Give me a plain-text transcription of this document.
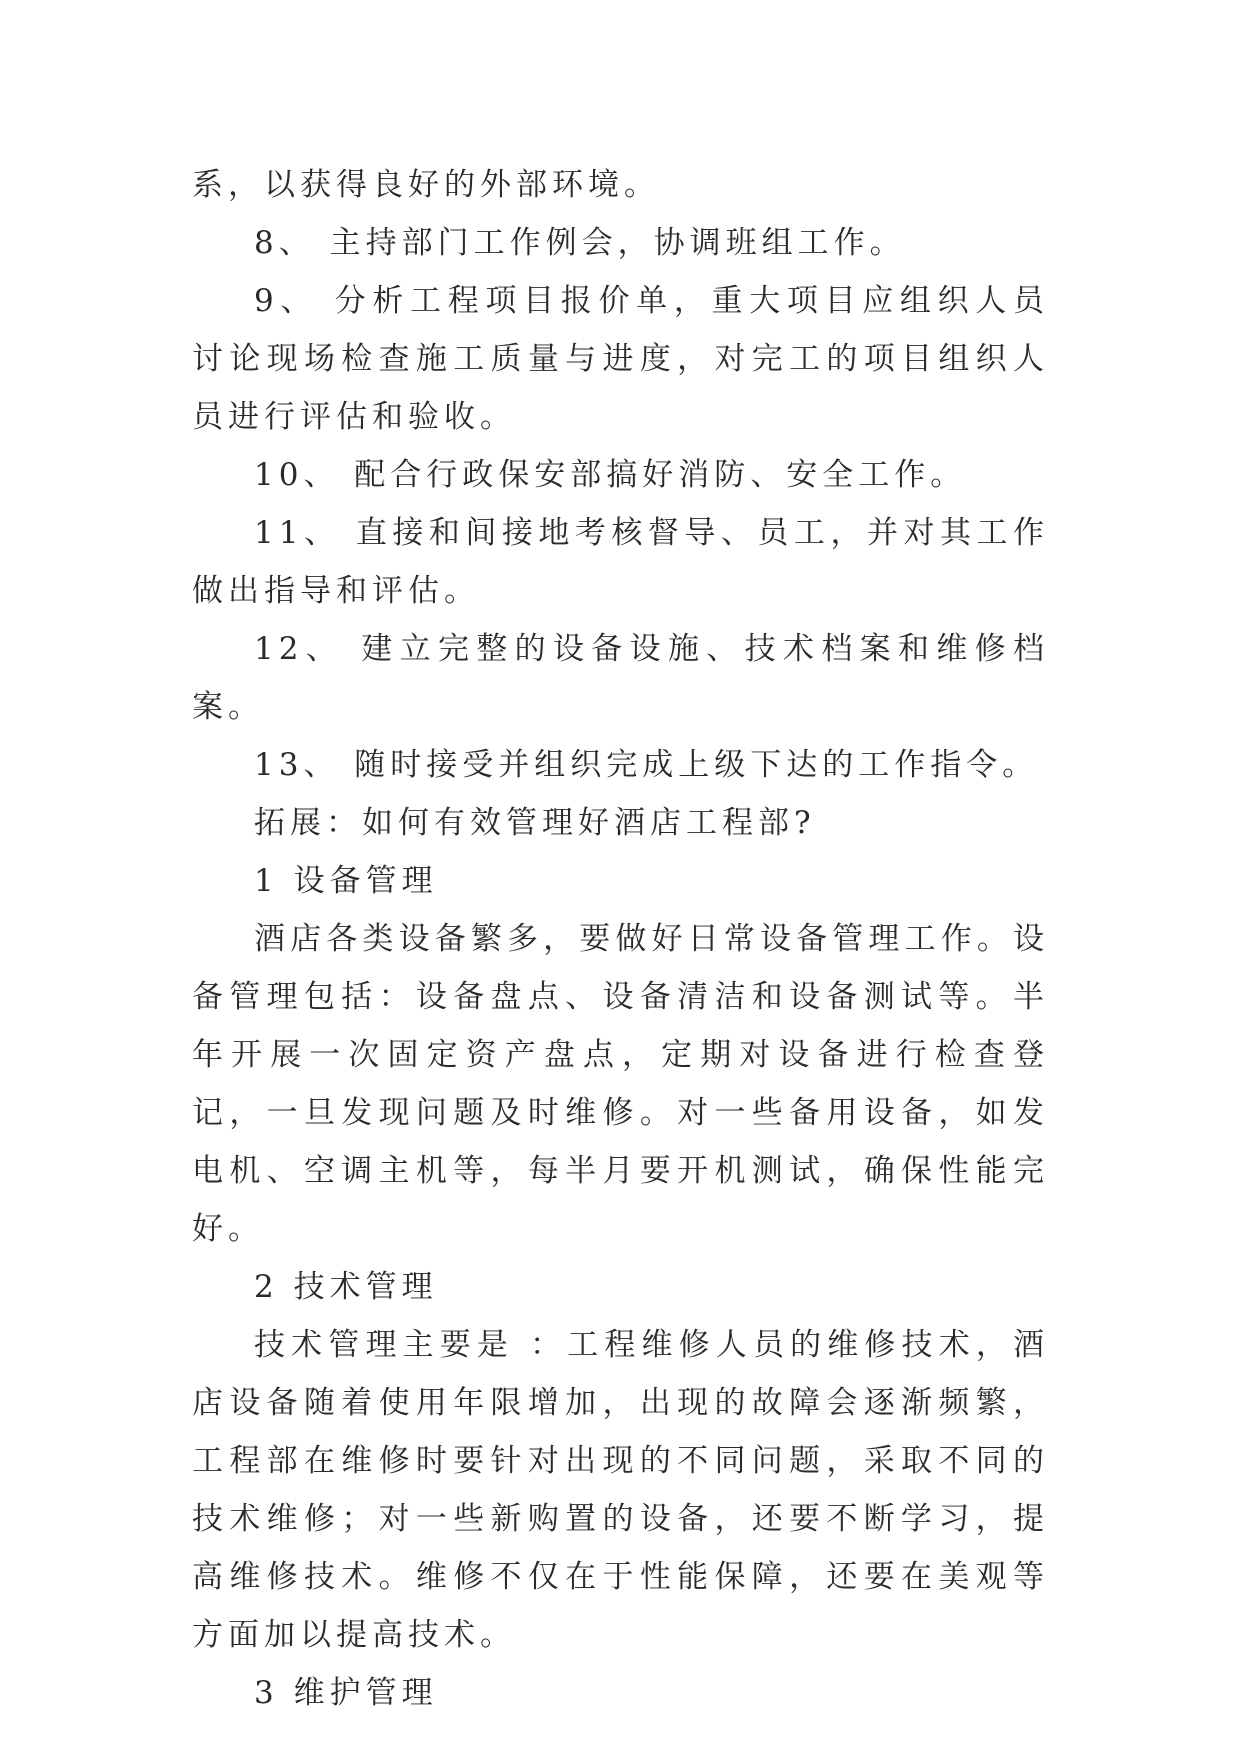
系，以获得良好的外部环境。

8、 主持部门工作例会，协调班组工作。

9、 分析工程项目报价单，重大项目应组织人员讨论现场检查施工质量与进度，对完工的项目组织人员进行评估和验收。

10、 配合行政保安部搞好消防、安全工作。

11、 直接和间接地考核督导、员工，并对其工作做出指导和评估。

12、 建立完整的设备设施、技术档案和维修档案。

13、 随时接受并组织完成上级下达的工作指令。

拓展：如何有效管理好酒店工程部?

1 设备管理

酒店各类设备繁多，要做好日常设备管理工作。设备管理包括：设备盘点、设备清洁和设备测试等。半年开展一次固定资产盘点，定期对设备进行检查登记，一旦发现问题及时维修。对一些备用设备，如发电机、空调主机等，每半月要开机测试，确保性能完好。

2 技术管理

技术管理主要是 ：工程维修人员的维修技术，酒店设备随着使用年限增加，出现的故障会逐渐频繁，工程部在维修时要针对出现的不同问题，采取不同的技术维修；对一些新购置的设备，还要不断学习，提高维修技术。维修不仅在于性能保障，还要在美观等方面加以提高技术。

3 维护管理
